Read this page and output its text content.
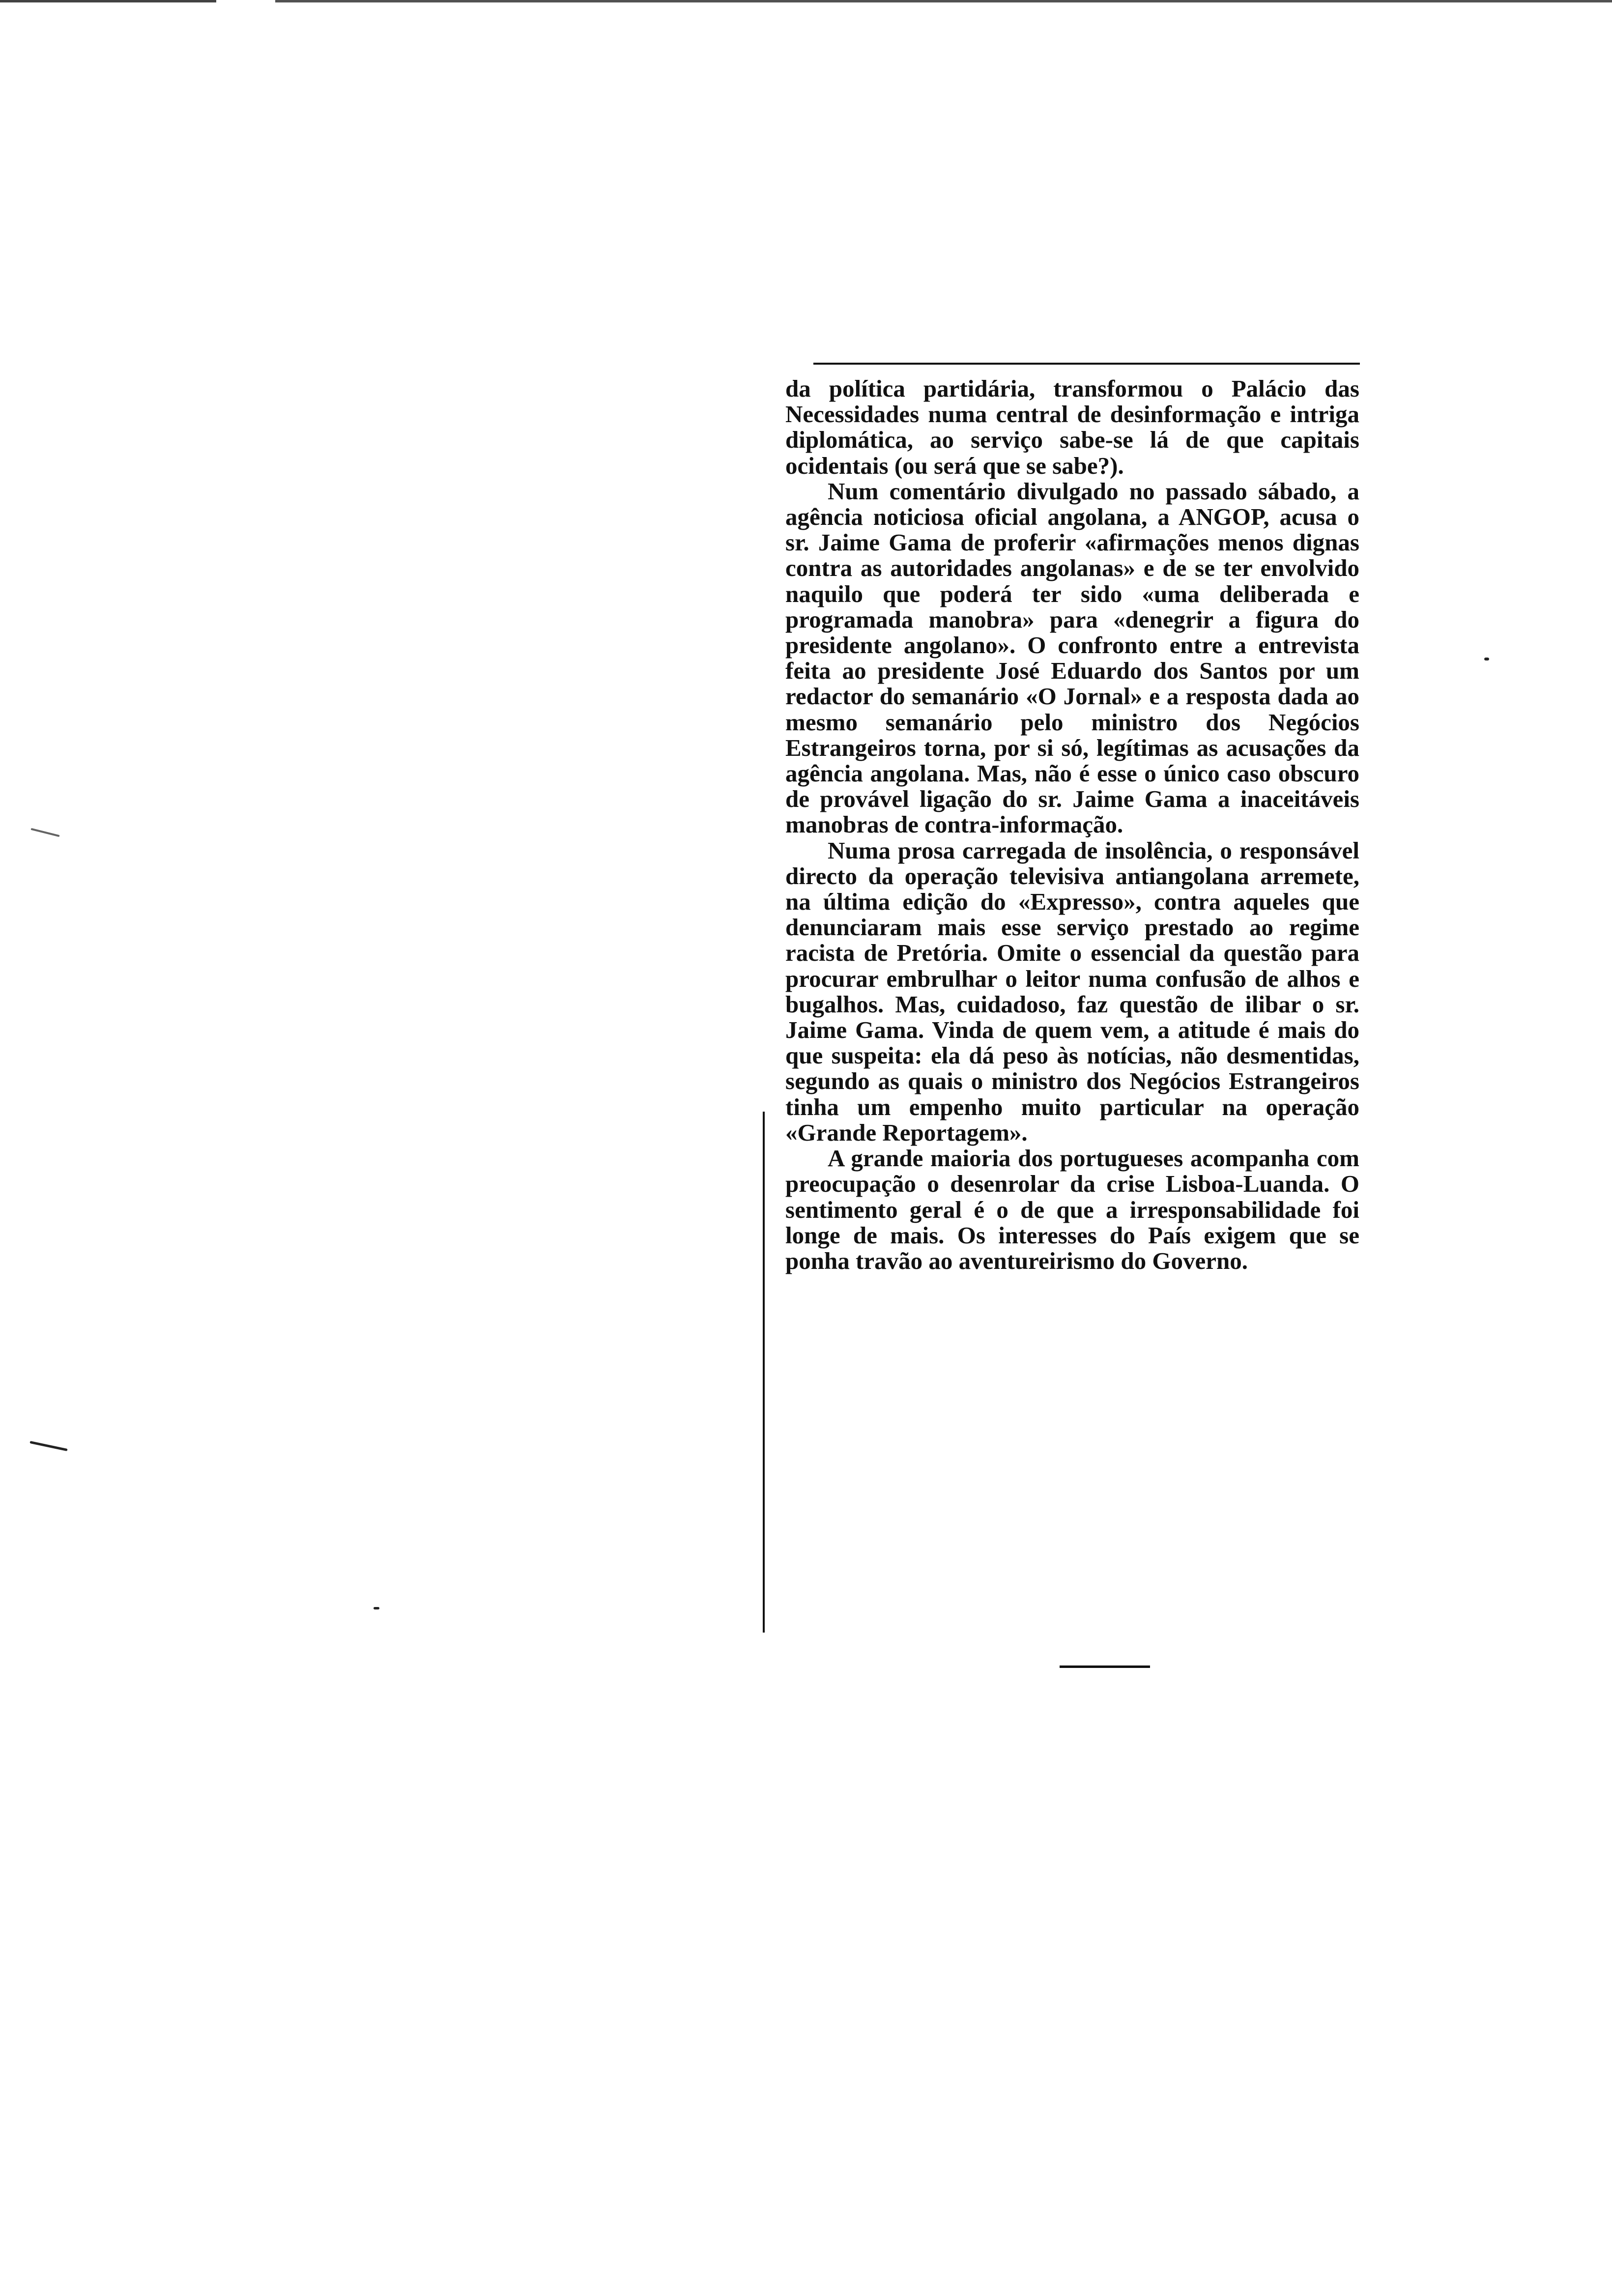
da política partidária, transformou o Palácio das Necessidades numa central de desinformação e intriga diplomática, ao serviço sabe-se lá de que capitais ocidentais (ou será que se sabe?).

Num comentário divulgado no passado sábado, a agência noticiosa oficial angolana, a ANGOP, acusa o sr. Jaime Gama de proferir «afirmações menos dignas contra as autoridades angolanas» e de se ter envolvido naquilo que poderá ter sido «uma deliberada e programada manobra» para «denegrir a figura do presidente angolano». O confronto entre a entrevista feita ao presidente José Eduardo dos Santos por um redactor do semanário «O Jornal» e a resposta dada ao mesmo semanário pelo ministro dos Negócios Estrangeiros torna, por si só, legítimas as acusações da agência angolana. Mas, não é esse o único caso obscuro de provável ligação do sr. Jaime Gama a inaceitáveis manobras de contra-informação.

Numa prosa carregada de insolência, o responsável directo da operação televisiva antiangolana arremete, na última edição do «Expresso», contra aqueles que denunciaram mais esse serviço prestado ao regime racista de Pretória. Omite o essencial da questão para procurar embrulhar o leitor numa confusão de alhos e bugalhos. Mas, cuidadoso, faz questão de ilibar o sr. Jaime Gama. Vinda de quem vem, a atitude é mais do que suspeita: ela dá peso às notícias, não desmentidas, segundo as quais o ministro dos Negócios Estrangeiros tinha um empenho muito particular na operação «Grande Reportagem».

A grande maioria dos portugueses acompanha com preocupação o desenrolar da crise Lisboa-Luanda. O sentimento geral é o de que a irresponsabilidade foi longe de mais. Os interesses do País exigem que se ponha travão ao aventureirismo do Governo.
